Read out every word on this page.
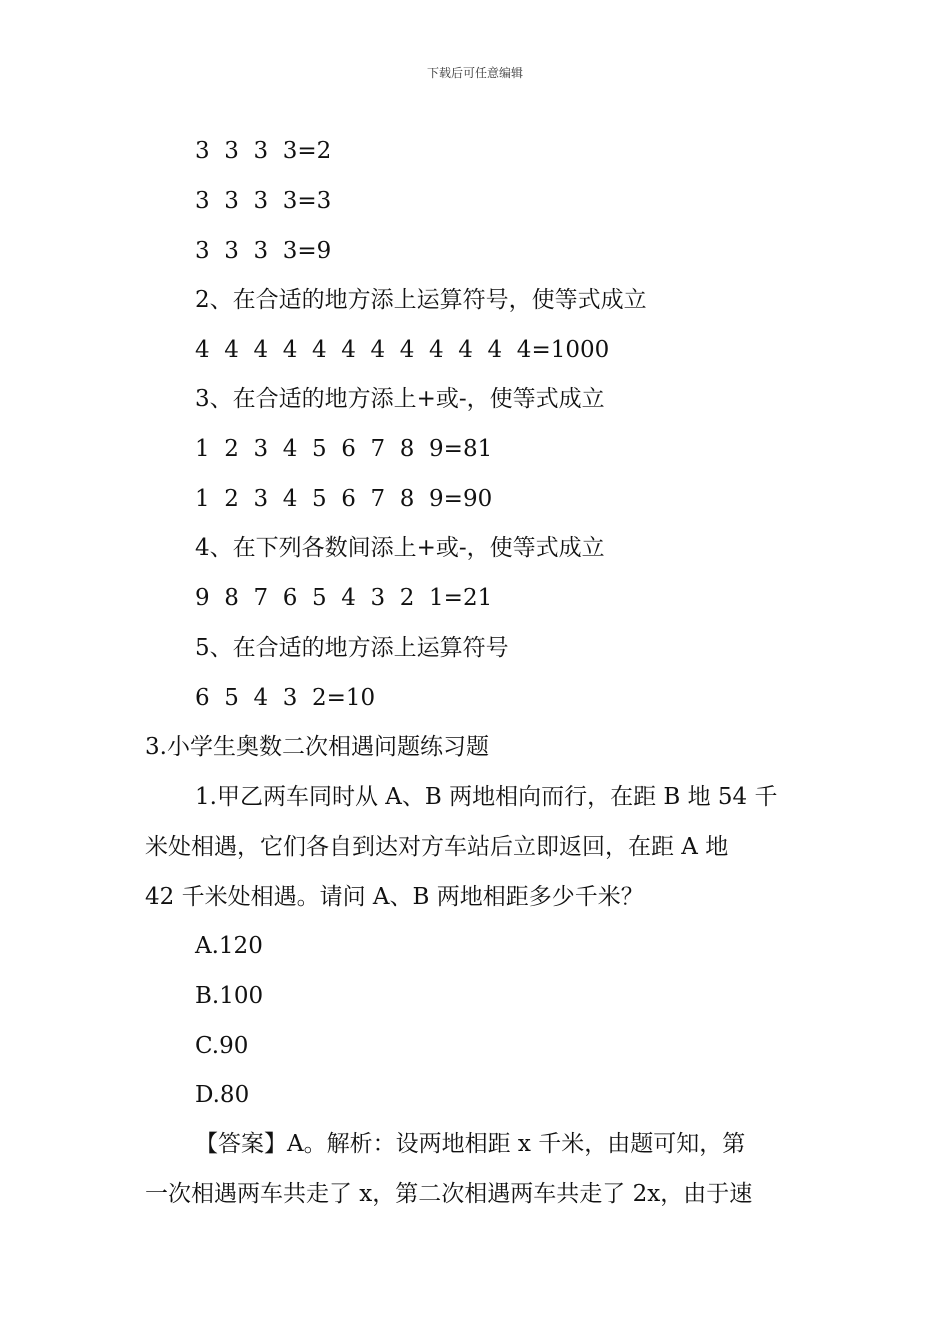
下载后可任意编辑
3  3  3  3=2
3  3  3  3=3
3  3  3  3=9
2、在合适的地方添上运算符号，使等式成立
4  4  4  4  4  4  4  4  4  4  4  4=1000
3、在合适的地方添上+或-，使等式成立
1  2  3  4  5  6  7  8  9=81
1  2  3  4  5  6  7  8  9=90
4、在下列各数间添上+或-，使等式成立
9  8  7  6  5  4  3  2  1=21
5、在合适的地方添上运算符号
6  5  4  3  2=10
3.小学生奥数二次相遇问题练习题
1.甲乙两车同时从 A、B 两地相向而行，在距 B 地 54 千
米处相遇，它们各自到达对方车站后立即返回，在距 A 地
42 千米处相遇。请问 A、B 两地相距多少千米？
A.120
B.100
C.90
D.80
【答案】A。解析：设两地相距 x 千米，由题可知，第
一次相遇两车共走了 x，第二次相遇两车共走了 2x，由于速
